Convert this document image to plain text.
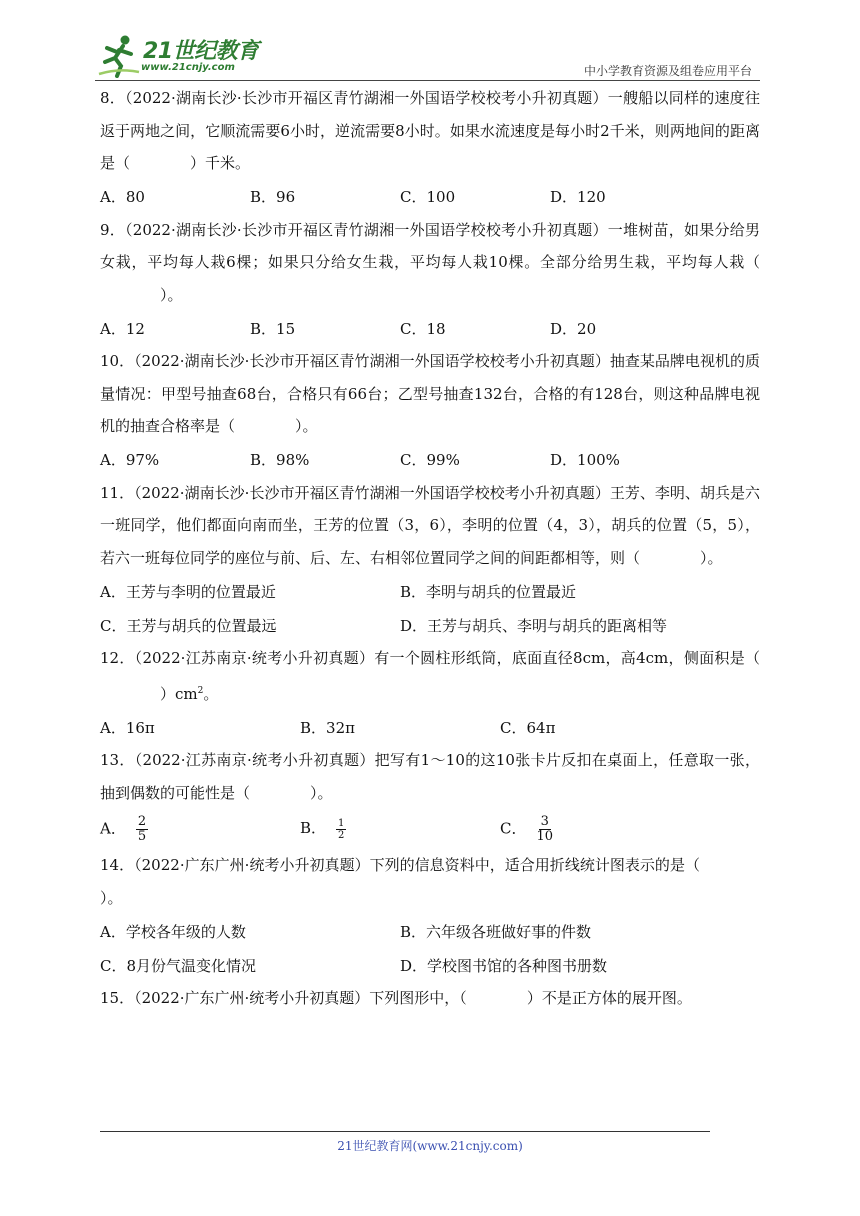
21世纪教育
www.21cnjy.com	中小学教育资源及组卷应用平台

8．（2022·湖南长沙·长沙市开福区青竹湖湘一外国语学校校考小升初真题）一艘船以同样的速度往返于两地之间，它顺流需要6小时，逆流需要8小时。如果水流速度是每小时2千米，则两地间的距离是（	）千米。

A．80	B．96	C．100	D．120

9．（2022·湖南长沙·长沙市开福区青竹湖湘一外国语学校校考小升初真题）一堆树苗，如果分给男女栽，平均每人栽6棵；如果只分给女生栽，平均每人栽10棵。全部分给男生栽，平均每人栽（）。

A．12	B．15	C．18	D．20

10．（2022·湖南长沙·长沙市开福区青竹湖湘一外国语学校校考小升初真题）抽查某品牌电视机的质量情况：甲型号抽查68台，合格只有66台；乙型号抽查132台，合格的有128台，则这种品牌电视机的抽查合格率是（	）。

A．97%	B．98%	C．99%	D．100%

11．（2022·湖南长沙·长沙市开福区青竹湖湘一外国语学校校考小升初真题）王芳、李明、胡兵是六一班同学，他们都面向南而坐，王芳的位置（3，6），李明的位置（4，3），胡兵的位置（5，5），若六一班每位同学的座位与前、后、左、右相邻位置同学之间的间距都相等，则（	）。

A．王芳与李明的位置最近	B．李明与胡兵的位置最近
C．王芳与胡兵的位置最远	D．王芳与胡兵、李明与胡兵的距离相等

12．（2022·江苏南京·统考小升初真题）有一个圆柱形纸筒，底面直径8cm，高4cm，侧面积是$()cm^2$。

A．16π	B．32π	C．64π

13．（2022·江苏南京·统考小升初真题）把写有1～10的这10张卡片反扣在桌面上，任意取一张，抽到偶数的可能性是（	）。

A． $\frac{2}{5}$	B． $\frac{1}{2}$	C． $\frac{3}{10}$

14．（2022·广东广州·统考小升初真题）下列的信息资料中，适合用折线统计图表示的是（）。

A．学校各年级的人数	B．六年级各班做好事的件数
C．8月份气温变化情况	D．学校图书馆的各种图书册数

15．（2022·广东广州·统考小升初真题）下列图形中，（	）不是正方体的展开图。

21世纪教育网(www.21cnjy.com)
